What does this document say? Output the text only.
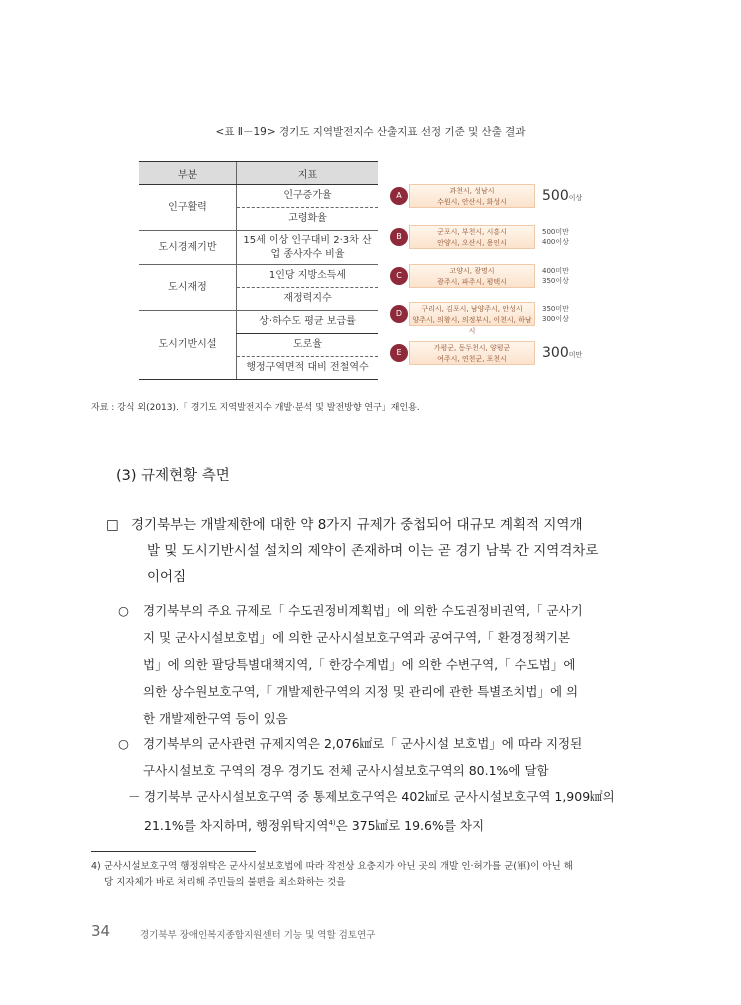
<표 Ⅱ－19> 경기도 지역발전지수 산출지표 선정 기준 및 산출 결과
부분	지표
인구활력	인구증가율
	고령화율
도시경제기반	15세 이상 인구대비 2·3차 산업 종사자수 비율
도시재정	1인당 지방소득세
	재정력지수
도시기반시설	상·하수도 평균 보급률
	도로율
	행정구역면적 대비 전철역수
A	과천시, 성남시
수원시, 안산시, 화성시	500이상
B	군포시, 부천시, 시흥시
안양시, 오산시, 용인시
500미만
400이상
C	고양시, 광명시
광주시, 파주시, 평택시
400미만
350이상
D	구리시, 김포시, 남양주시, 안성시
양주시, 의왕시, 의정부시, 이천시, 하남시
350미만
300이상
E	가평군, 동두천시, 양평군
여주시, 연천군, 포천시	300미만
자료 : 강식 외(2013).「 경기도 지역발전지수 개발·분석 및 발전방향 연구」재인용.
(3) 규제현황 측면
□ 경기북부는 개발제한에 대한 약 8가지 규제가 중첩되어 대규모 계획적 지역개
발 및 도시기반시설 설치의 제약이 존재하며 이는 곧 경기 남북 간 지역격차로
이어짐
○ 경기북부의 주요 규제로「 수도권정비계획법」에 의한 수도권정비권역,「 군사기
지 및 군사시설보호법」에 의한 군사시설보호구역과 공여구역,「 환경정책기본
법」에 의한 팔당특별대책지역,「 한강수계법」에 의한 수변구역,「 수도법」에
의한 상수원보호구역,「 개발제한구역의 지정 및 관리에 관한 특별조치법」에 의
한 개발제한구역 등이 있음
○ 경기북부의 군사관련 규제지역은 2,076㎢로「 군사시설 보호법」에 따라 지정된
구사시설보호 구역의 경우 경기도 전체 군사시설보호구역의 80.1%에 달함
－ 경기북부 군사시설보호구역 중 통제보호구역은 402㎢로 군사시설보호구역 1,909㎢의
21.1%를 차지하며, 행정위탁지역$^{4)}$은 375㎢로 19.6%를 차지
4) 군사시설보호구역 행정위탁은 군사시설보호법에 따라 작전상 요충지가 아닌 곳의 개발 인·허가를 군(軍)이 아닌 해
당 지자체가 바로 처리해 주민들의 불편을 최소화하는 것을
34	경기북부 장애인복지종합지원센터 기능 및 역할 검토연구
